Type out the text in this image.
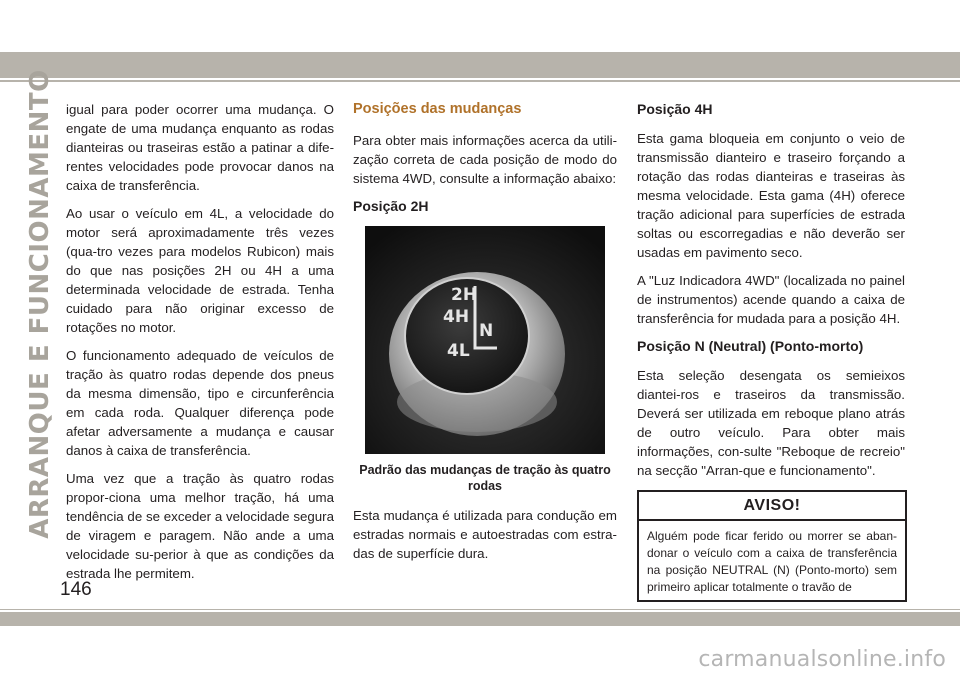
ARRANQUE E FUNCIONAMENTO igual para poder ocorrer uma mudança. O engate de uma mudança enquanto as rodas dianteiras ou traseiras estão a patinar a dife-rentes velocidades pode provocar danos na caixa de transferência.

Ao usar o veículo em 4L, a velocidade do motor será aproximadamente três vezes (qua-tro vezes para modelos Rubicon) mais do que nas posições 2H ou 4H a uma determinada velocidade de estrada. Tenha cuidado para não originar excesso de rotações no motor.

O funcionamento adequado de veículos de tração às quatro rodas depende dos pneus da mesma dimensão, tipo e circunferência em cada roda. Qualquer diferença pode afetar adversamente a mudança e causar danos à caixa de transferência.

Uma vez que a tração às quatro rodas propor-ciona uma melhor tração, há uma tendência de se exceder a velocidade segura de viragem e paragem. Não ande a uma velocidade su-perior à que as condições da estrada lhe permitem.

Posições das mudanças

Para obter mais informações acerca da utili-zação correta de cada posição de modo do sistema 4WD, consulte a informação abaixo:

Posição 2H
2H
4H
N
4L
Padrão das mudanças de tração às quatro rodas

Esta mudança é utilizada para condução em estradas normais e autoestradas com estra-das de superfície dura.

Posição 4H

Esta gama bloqueia em conjunto o veio de transmissão dianteiro e traseiro forçando a rotação das rodas dianteiras e traseiras às mesma velocidade. Esta gama (4H) oferece tração adicional para superfícies de estrada soltas ou escorregadias e não deverão ser usadas em pavimento seco.

A "Luz Indicadora 4WD" (localizada no painel de instrumentos) acende quando a caixa de transferência for mudada para a posição 4H.

Posição N (Neutral) (Ponto-morto)

Esta seleção desengata os semieixos diantei-ros e traseiros da transmissão. Deverá ser utilizada em reboque plano atrás de outro veículo. Para obter mais informações, con-sulte "Reboque de recreio" na secção "Arran-que e funcionamento".

AVISO!
Alguém pode ficar ferido ou morrer se aban-donar o veículo com a caixa de transferência na posição NEUTRAL (N) (Ponto-morto) sem primeiro aplicar totalmente o travão de
146
carmanualsonline.info
